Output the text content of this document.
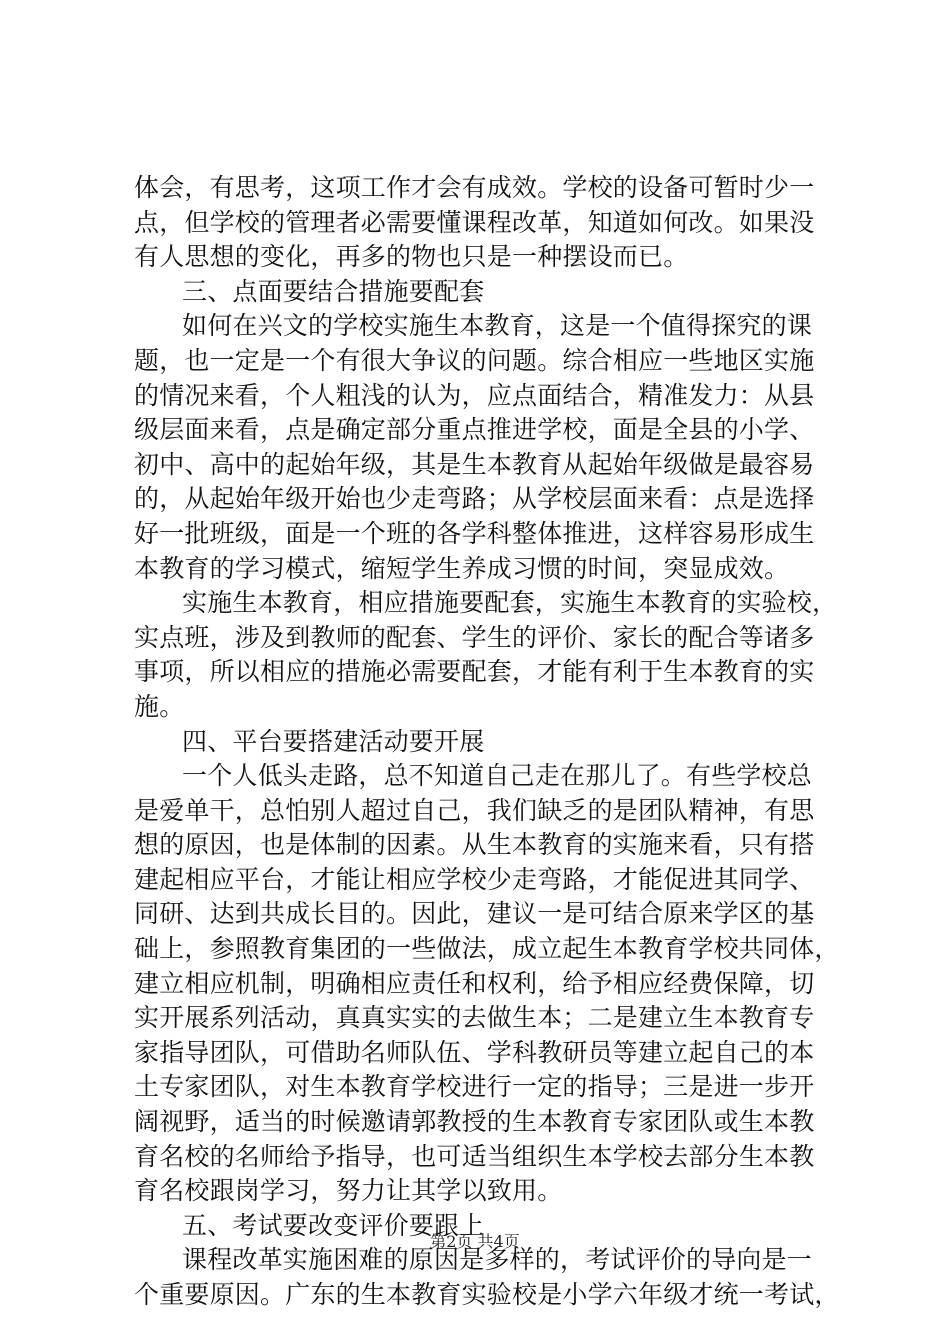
体会，有思考，这项工作才会有成效。学校的设备可暂时少一
点，但学校的管理者必需要懂课程改革，知道如何改。如果没
有人思想的变化，再多的物也只是一种摆设而已。
三、点面要结合措施要配套
如何在兴文的学校实施生本教育，这是一个值得探究的课
题，也一定是一个有很大争议的问题。综合相应一些地区实施
的情况来看，个人粗浅的认为，应点面结合，精准发力：从县
级层面来看，点是确定部分重点推进学校，面是全县的小学、
初中、高中的起始年级，其是生本教育从起始年级做是最容易
的，从起始年级开始也少走弯路；从学校层面来看：点是选择
好一批班级，面是一个班的各学科整体推进，这样容易形成生
本教育的学习模式，缩短学生养成习惯的时间，突显成效。
实施生本教育，相应措施要配套，实施生本教育的实验校，
实点班，涉及到教师的配套、学生的评价、家长的配合等诸多
事项，所以相应的措施必需要配套，才能有利于生本教育的实
施。
四、平台要搭建活动要开展
一个人低头走路，总不知道自己走在那儿了。有些学校总
是爱单干，总怕别人超过自己，我们缺乏的是团队精神，有思
想的原因，也是体制的因素。从生本教育的实施来看，只有搭
建起相应平台，才能让相应学校少走弯路，才能促进其同学、
同研、达到共成长目的。因此，建议一是可结合原来学区的基
础上，参照教育集团的一些做法，成立起生本教育学校共同体，
建立相应机制，明确相应责任和权利，给予相应经费保障，切
实开展系列活动，真真实实的去做生本；二是建立生本教育专
家指导团队，可借助名师队伍、学科教研员等建立起自己的本
土专家团队，对生本教育学校进行一定的指导；三是进一步开
阔视野，适当的时候邀请郭教授的生本教育专家团队或生本教
育名校的名师给予指导，也可适当组织生本学校去部分生本教
育名校跟岗学习，努力让其学以致用。
五、考试要改变评价要跟上
课程改革实施困难的原因是多样的，考试评价的导向是一
个重要原因。广东的生本教育实验校是小学六年级才统一考试，
第2页 共4页
